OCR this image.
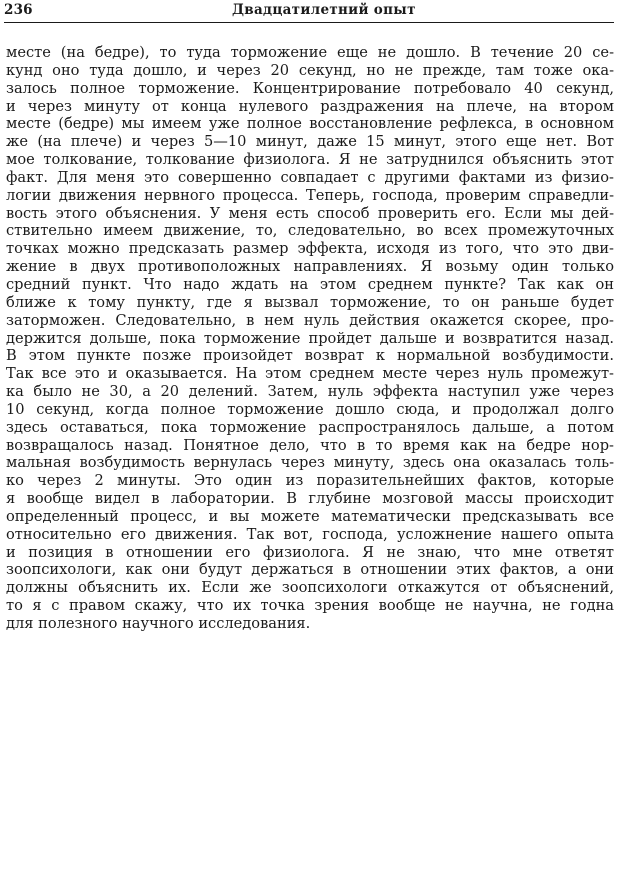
236	Двадцатилетний опыт
месте (на бедре), то туда торможение еще не дошло. В течение 20 се-
кунд оно туда дошло, и через 20 секунд, но не прежде, там тоже ока-
залось полное торможение. Концентрирование потребовало 40 секунд,
и через минуту от конца нулевого раздражения на плече, на втором
месте (бедре) мы имеем уже полное восстановление рефлекса, в основном
же (на плече) и через 5—10 минут, даже 15 минут, этого еще нет. Вот
мое толкование, толкование физиолога. Я не затруднился объяснить этот
факт. Для меня это совершенно совпадает с другими фактами из физио-
логии движения нервного процесса. Теперь, господа, проверим справедли-
вость этого объяснения. У меня есть способ проверить его. Если мы дей-
ствительно имеем движение, то, следовательно, во всех промежуточных
точках можно предсказать размер эффекта, исходя из того, что это дви-
жение в двух противоположных направлениях. Я возьму один только
средний пункт. Что надо ждать на этом среднем пункте? Так как он
ближе к тому пункту, где я вызвал торможение, то он раньше будет
заторможен. Следовательно, в нем нуль действия окажется скорее, про-
держится дольше, пока торможение пройдет дальше и возвратится назад.
В этом пункте позже произойдет возврат к нормальной возбудимости.
Так все это и оказывается. На этом среднем месте через нуль промежут-
ка было не 30, а 20 делений. Затем, нуль эффекта наступил уже через
10 секунд, когда полное торможение дошло сюда, и продолжал долго
здесь оставаться, пока торможение распространялось дальше, а потом
возвращалось назад. Понятное дело, что в то время как на бедре нор-
мальная возбудимость вернулась через минуту, здесь она оказалась толь-
ко через 2 минуты. Это один из поразительнейших фактов, которые
я вообще видел в лаборатории. В глубине мозговой массы происходит
определенный процесс, и вы можете математически предсказывать все
относительно его движения. Так вот, господа, усложнение нашего опыта
и позиция в отношении его физиолога. Я не знаю, что мне ответят
зоопсихологи, как они будут держаться в отношении этих фактов, а они
должны объяснить их. Если же зоопсихологи откажутся от объяснений,
то я с правом скажу, что их точка зрения вообще не научна, не годна
для полезного научного исследования.
